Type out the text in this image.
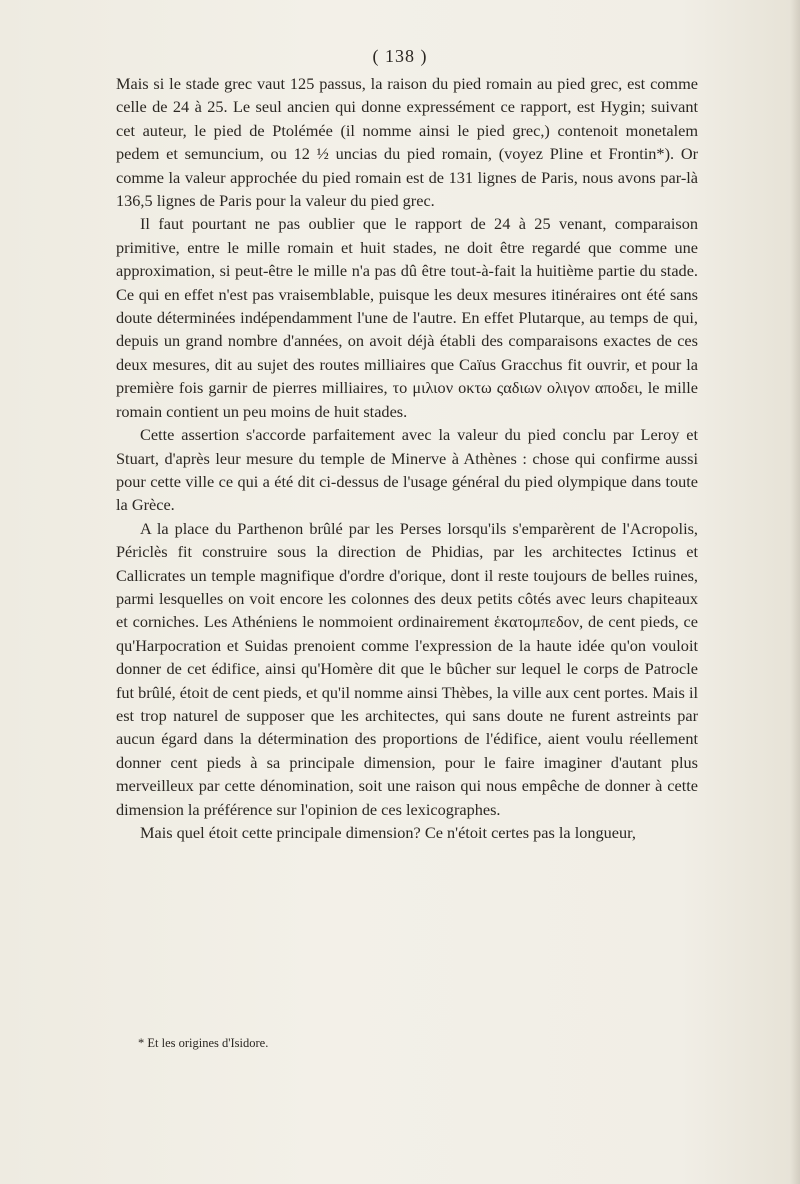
( 138 )

Mais si le stade grec vaut 125 passus, la raison du pied romain au pied grec, est comme celle de 24 à 25. Le seul ancien qui donne expressément ce rapport, est Hygin; suivant cet auteur, le pied de Ptolémée (il nomme ainsi le pied grec,) contenoit monetalem pedem et semuncium, ou 12 ½ uncias du pied romain, (voyez Pline et Frontin*). Or comme la valeur approchée du pied romain est de 131 lignes de Paris, nous avons par-là 136,5 lignes de Paris pour la valeur du pied grec.

Il faut pourtant ne pas oublier que le rapport de 24 à 25 venant, comparaison primitive, entre le mille romain et huit stades, ne doit être regardé que comme une approximation, si peut-être le mille n'a pas dû être tout-à-fait la huitième partie du stade. Ce qui en effet n'est pas vraisemblable, puisque les deux mesures itinéraires ont été sans doute déterminées indépendamment l'une de l'autre. En effet Plutarque, au temps de qui, depuis un grand nombre d'années, on avoit déjà établi des comparaisons exactes de ces deux mesures, dit au sujet des routes milliaires que Caïus Gracchus fit ouvrir, et pour la première fois garnir de pierres milliaires, το μιλιον οκτω ςαδιων ολιγον αποδει, le mille romain contient un peu moins de huit stades.

Cette assertion s'accorde parfaitement avec la valeur du pied conclu par Leroy et Stuart, d'après leur mesure du temple de Minerve à Athènes : chose qui confirme aussi pour cette ville ce qui a été dit ci-dessus de l'usage général du pied olympique dans toute la Grèce.

A la place du Parthenon brûlé par les Perses lorsqu'ils s'emparèrent de l'Acropolis, Périclès fit construire sous la direction de Phidias, par les architectes Ictinus et Callicrates un temple magnifique d'ordre d'orique, dont il reste toujours de belles ruines, parmi lesquelles on voit encore les colonnes des deux petits côtés avec leurs chapiteaux et corniches. Les Athéniens le nommoient ordinairement ἑκατομπεδον, de cent pieds, ce qu'Harpocration et Suidas prenoient comme l'expression de la haute idée qu'on vouloit donner de cet édifice, ainsi qu'Homère dit que le bûcher sur lequel le corps de Patrocle fut brûlé, étoit de cent pieds, et qu'il nomme ainsi Thèbes, la ville aux cent portes. Mais il est trop naturel de supposer que les architectes, qui sans doute ne furent astreints par aucun égard dans la détermination des proportions de l'édifice, aient voulu réellement donner cent pieds à sa principale dimension, pour le faire imaginer d'autant plus merveilleux par cette dénomination, soit une raison qui nous empêche de donner à cette dimension la préférence sur l'opinion de ces lexicographes.

Mais quel étoit cette principale dimension? Ce n'étoit certes pas la longueur,

* Et les origines d'Isidore.
